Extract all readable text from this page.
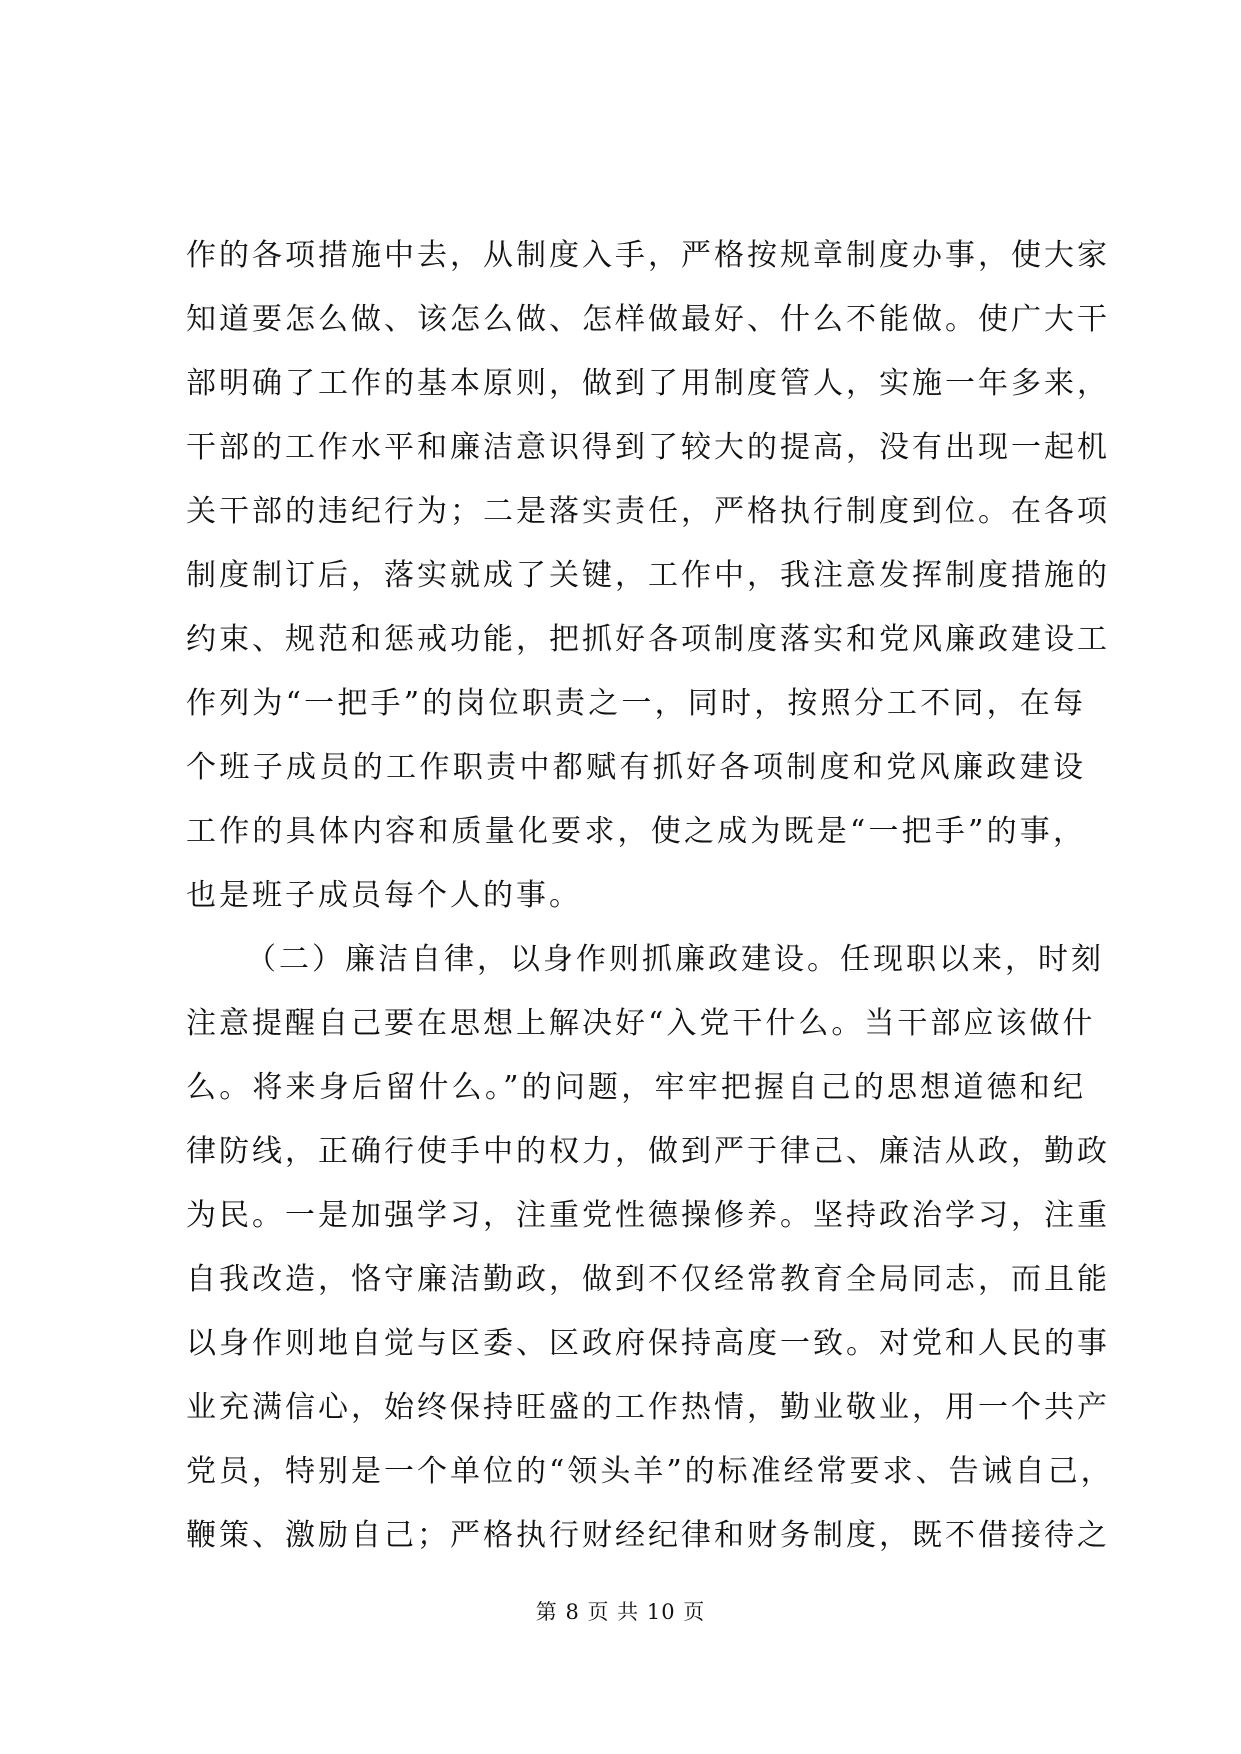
作的各项措施中去，从制度入手，严格按规章制度办事，使大家
知道要怎么做、该怎么做、怎样做最好、什么不能做。使广大干
部明确了工作的基本原则，做到了用制度管人，实施一年多来，
干部的工作水平和廉洁意识得到了较大的提高，没有出现一起机
关干部的违纪行为；二是落实责任，严格执行制度到位。在各项
制度制订后，落实就成了关键，工作中，我注意发挥制度措施的
约束、规范和惩戒功能，把抓好各项制度落实和党风廉政建设工
作列为“一把手”的岗位职责之一，同时，按照分工不同，在每
个班子成员的工作职责中都赋有抓好各项制度和党风廉政建设
工作的具体内容和质量化要求，使之成为既是“一把手”的事，
也是班子成员每个人的事。
（二）廉洁自律，以身作则抓廉政建设。任现职以来，时刻
注意提醒自己要在思想上解决好“入党干什么。当干部应该做什
么。将来身后留什么。”的问题，牢牢把握自己的思想道德和纪
律防线，正确行使手中的权力，做到严于律己、廉洁从政，勤政
为民。一是加强学习，注重党性德操修养。坚持政治学习，注重
自我改造，恪守廉洁勤政，做到不仅经常教育全局同志，而且能
以身作则地自觉与区委、区政府保持高度一致。对党和人民的事
业充满信心，始终保持旺盛的工作热情，勤业敬业，用一个共产
党员，特别是一个单位的“领头羊”的标准经常要求、告诫自己，
鞭策、激励自己；严格执行财经纪律和财务制度，既不借接待之
第 8 页 共 10 页
